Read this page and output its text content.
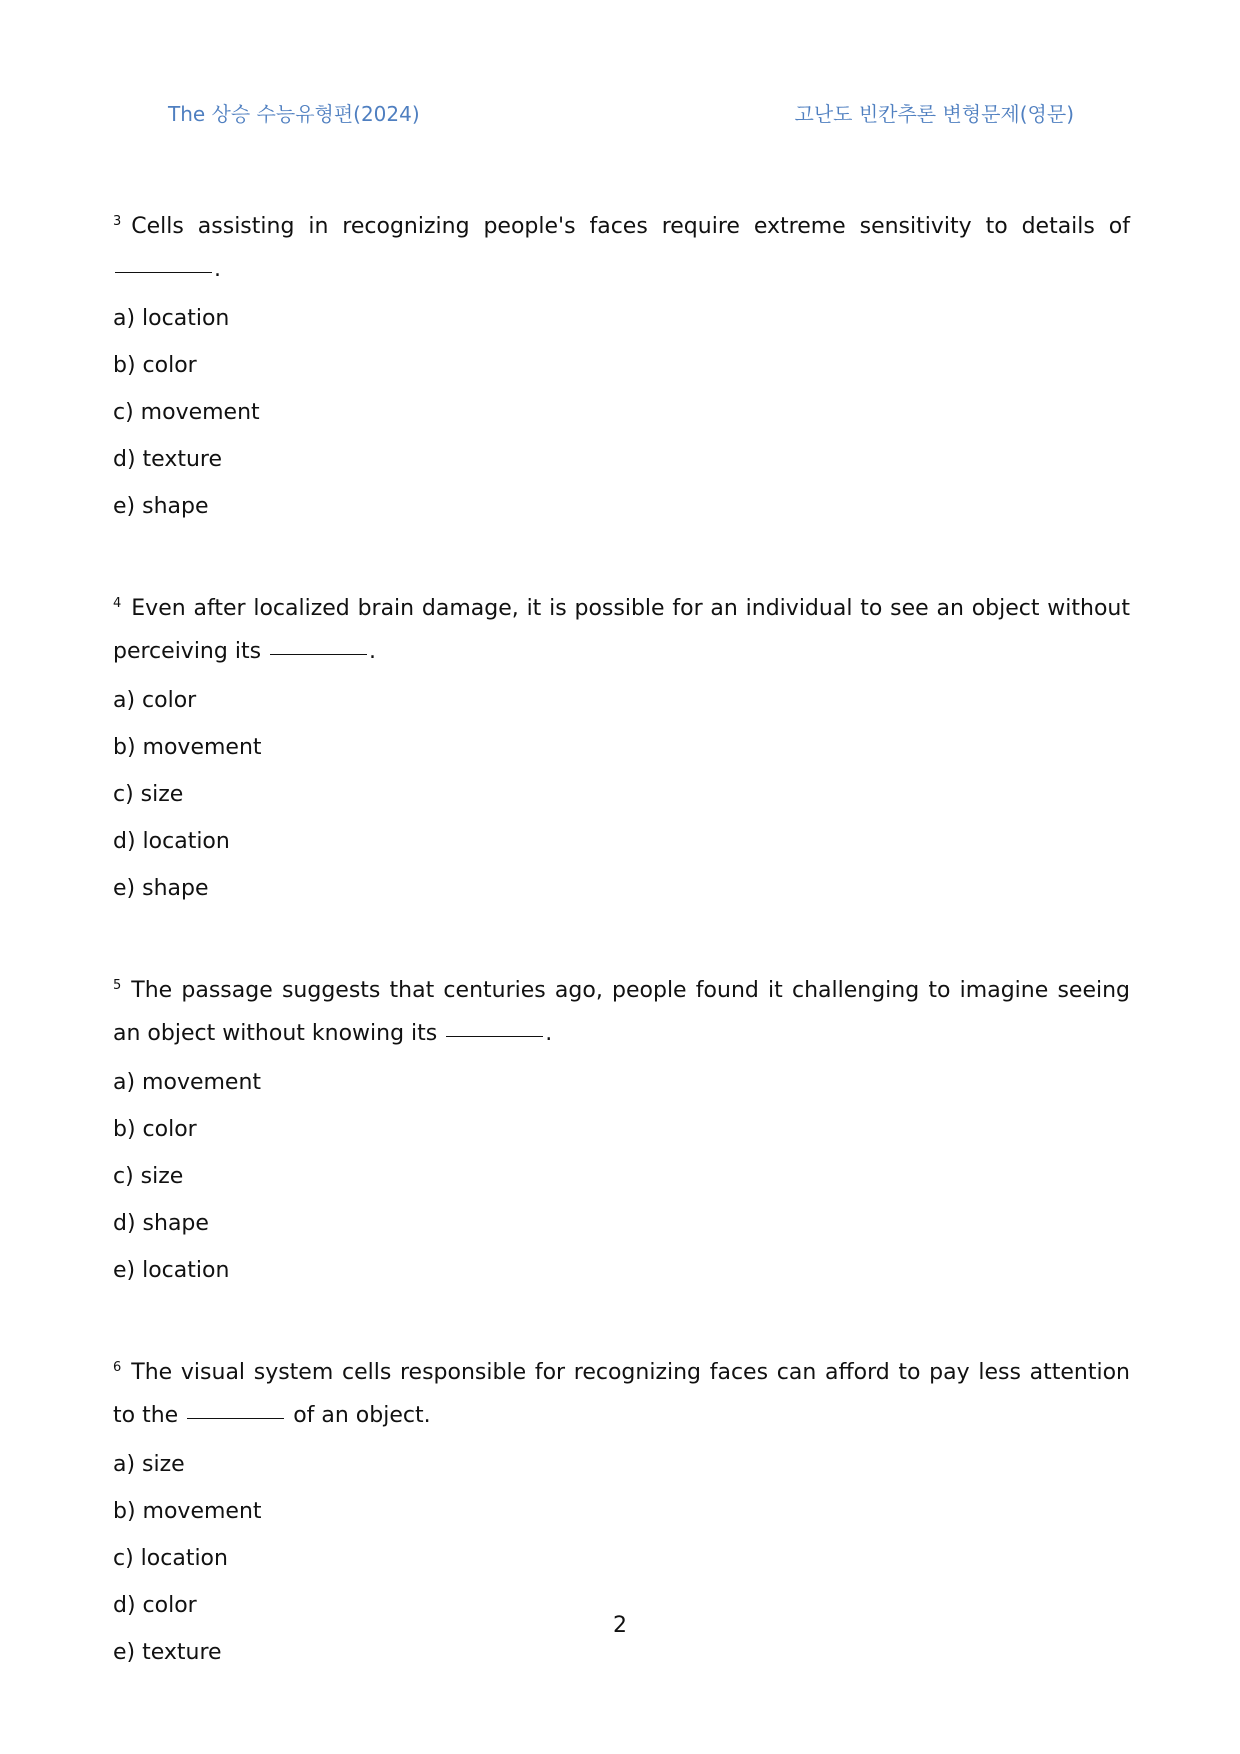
The 상승 수능유형편(2024)	고난도 빈칸추론 변형문제(영문)

$^3$ Cells assisting in recognizing people's faces require extreme sensitivity to details of .

a) location
b) color
c) movement
d) texture
e) shape

$^4$ Even after localized brain damage, it is possible for an individual to see an object without perceiving its	.

a) color
b) movement
c) size
d) location
e) shape

$^5$ The passage suggests that centuries ago, people found it challenging to imagine seeing an object without knowing its	.

a) movement
b) color
c) size
d) shape
e) location

$^6$ The visual system cells responsible for recognizing faces can afford to pay less attention to the	of an object.

a) size
b) movement
c) location
d) color
e) texture
2
